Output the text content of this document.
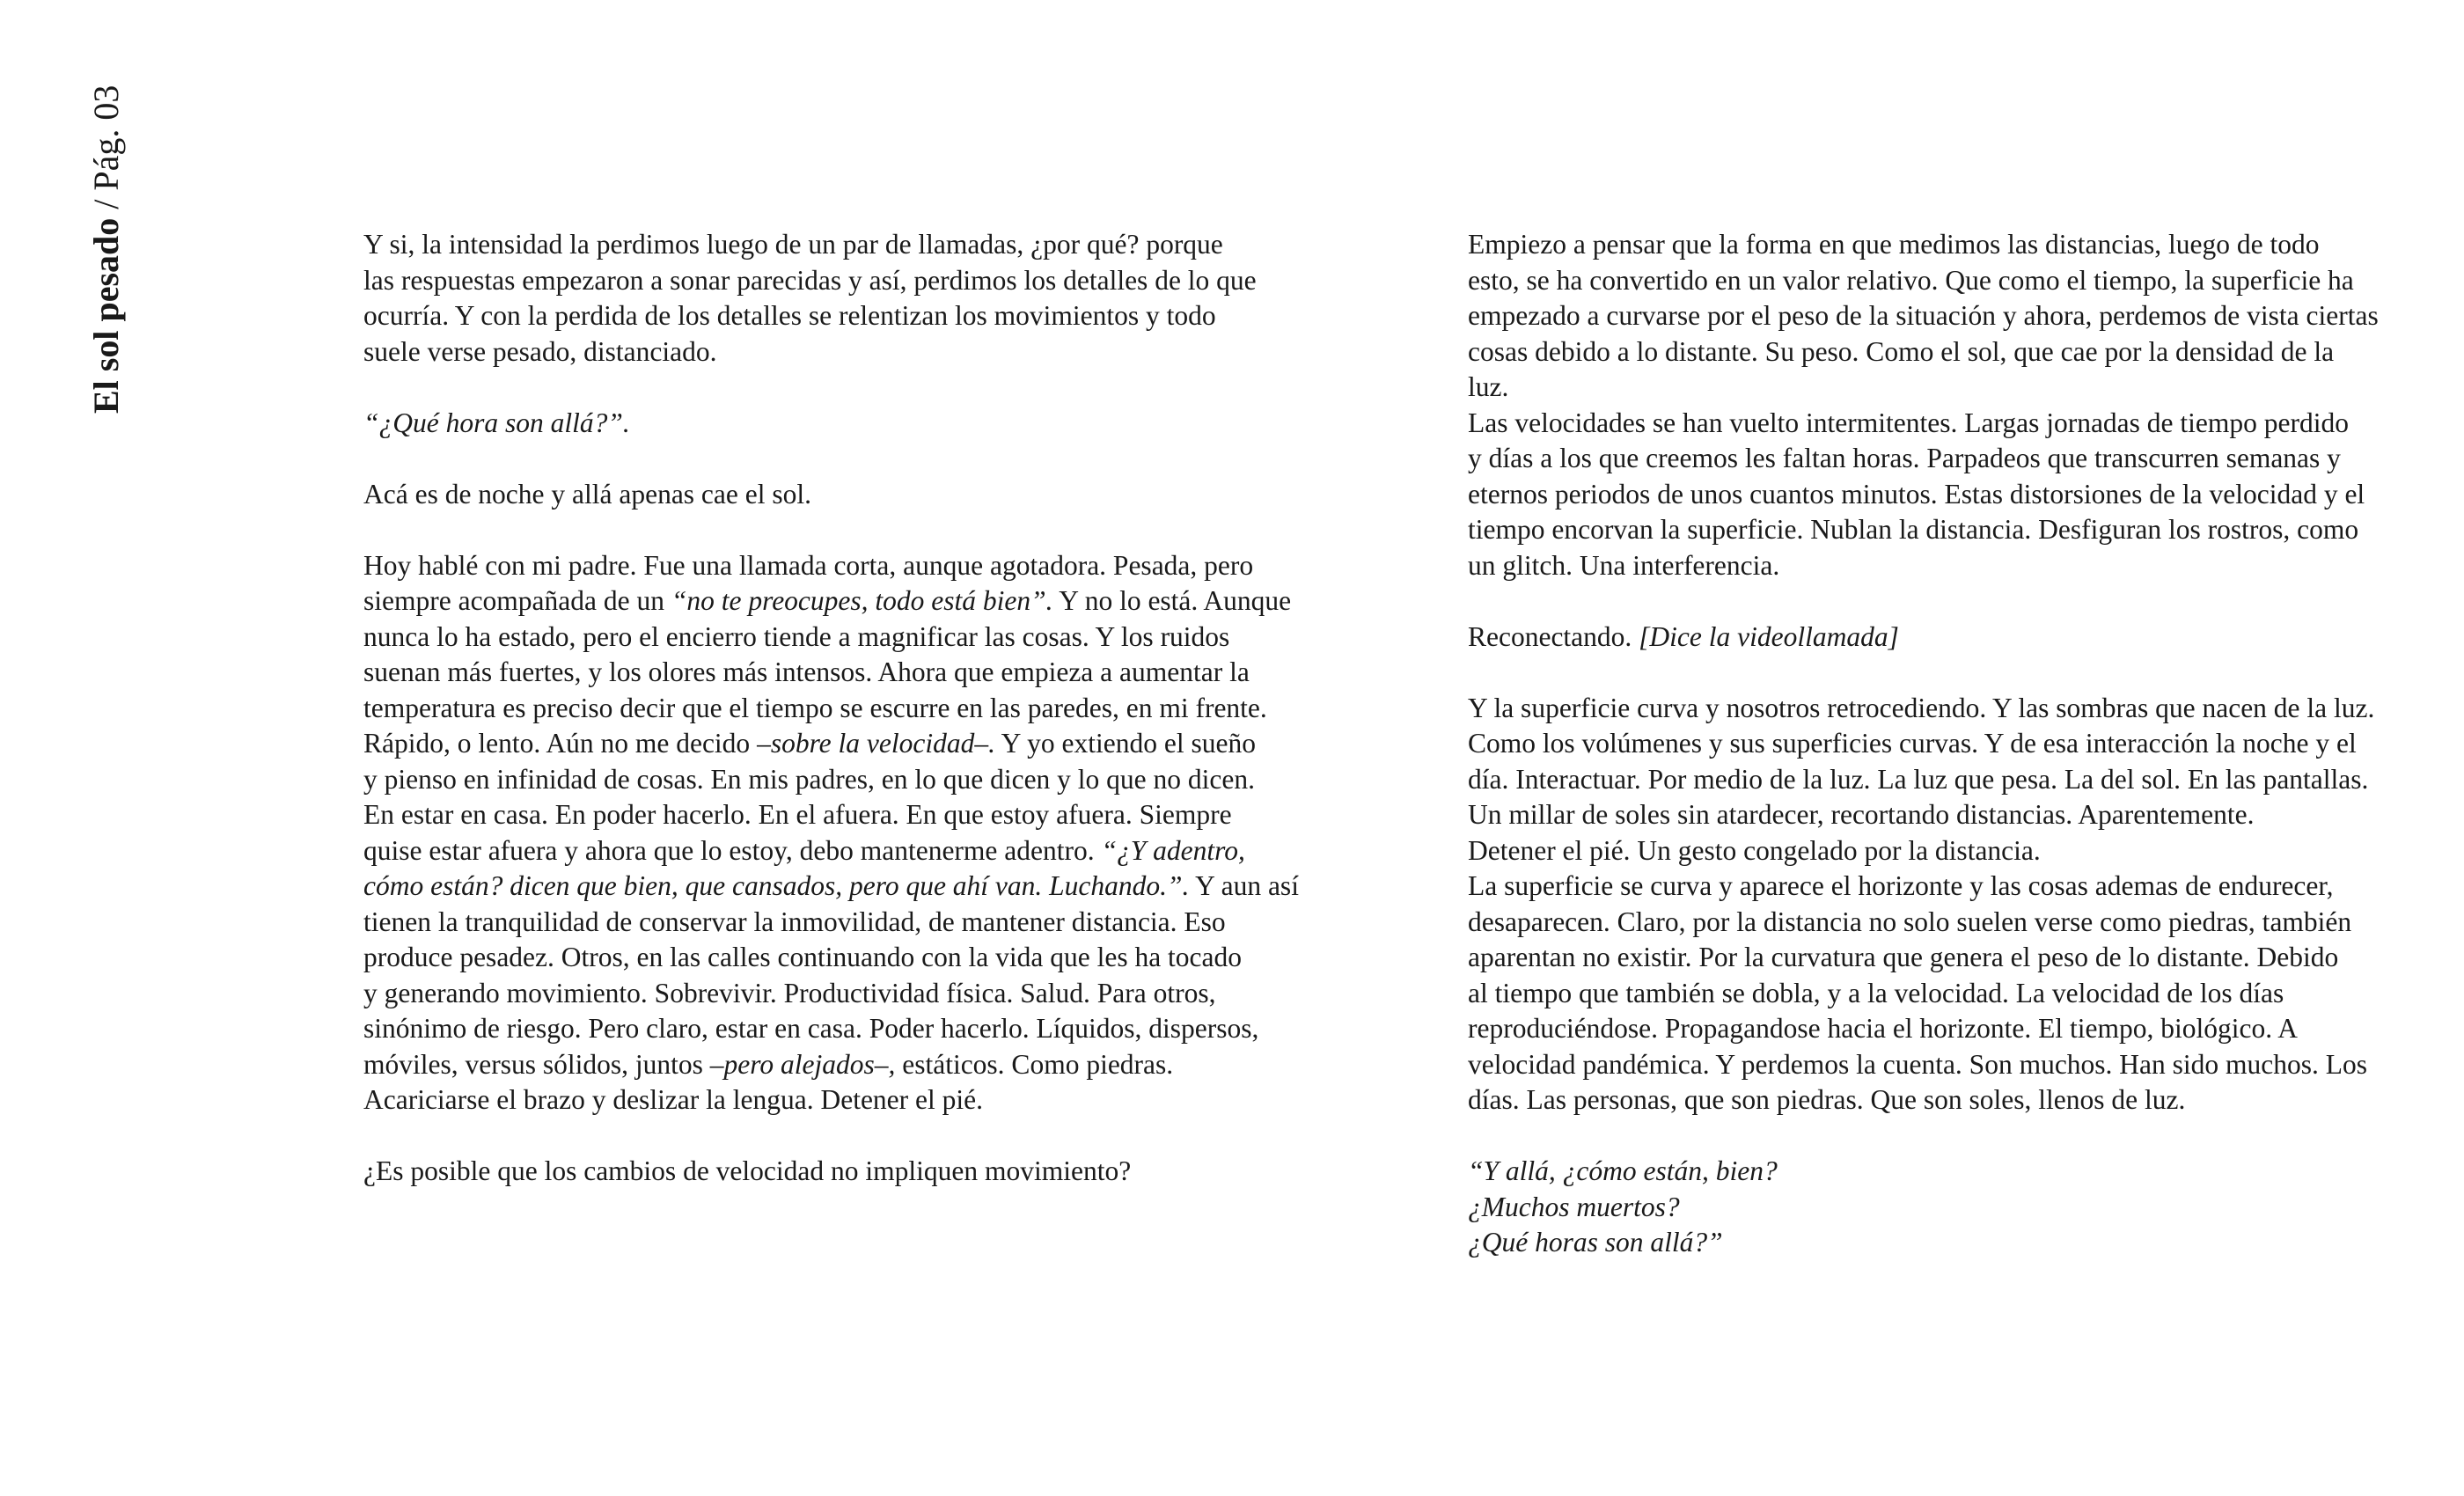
El sol pesado / Pág. 03
Y si, la intensidad la perdimos luego de un par de llamadas, ¿por qué? porque
las respuestas empezaron a sonar parecidas y así, perdimos los detalles de lo que
ocurría. Y con la perdida de los detalles se relentizan los movimientos y todo
suele verse pesado, distanciado.
“¿Qué hora son allá?”.
Acá es de noche y allá apenas cae el sol.
Hoy hablé con mi padre. Fue una llamada corta, aunque agotadora. Pesada, pero
siempre acompañada de un “no te preocupes, todo está bien”. Y no lo está. Aunque
nunca lo ha estado, pero el encierro tiende a magnificar las cosas. Y los ruidos
suenan más fuertes, y los olores más intensos. Ahora que empieza a aumentar la
temperatura es preciso decir que el tiempo se escurre en las paredes, en mi frente.
Rápido, o lento. Aún no me decido –sobre la velocidad–. Y yo extiendo el sueño
y pienso en infinidad de cosas. En mis padres, en lo que dicen y lo que no dicen.
En estar en casa. En poder hacerlo. En el afuera. En que estoy afuera. Siempre
quise estar afuera y ahora que lo estoy, debo mantenerme adentro. “¿Y adentro,
cómo están? dicen que bien, que cansados, pero que ahí van. Luchando.”. Y aun así
tienen la tranquilidad de conservar la inmovilidad, de mantener distancia. Eso
produce pesadez. Otros, en las calles continuando con la vida que les ha tocado
y generando movimiento. Sobrevivir. Productividad física. Salud. Para otros,
sinónimo de riesgo. Pero claro, estar en casa. Poder hacerlo. Líquidos, dispersos,
móviles, versus sólidos, juntos –pero alejados–, estáticos. Como piedras.
Acariciarse el brazo y deslizar la lengua. Detener el pié.
¿Es posible que los cambios de velocidad no impliquen movimiento?
Empiezo a pensar que la forma en que medimos las distancias, luego de todo
esto, se ha convertido en un valor relativo. Que como el tiempo, la superficie ha
empezado a curvarse por el peso de la situación y ahora, perdemos de vista ciertas
cosas debido a lo distante. Su peso. Como el sol, que cae por la densidad de la
luz.
Las velocidades se han vuelto intermitentes. Largas jornadas de tiempo perdido
y días a los que creemos les faltan horas. Parpadeos que transcurren semanas y
eternos periodos de unos cuantos minutos. Estas distorsiones de la velocidad y el
tiempo encorvan la superficie. Nublan la distancia. Desfiguran los rostros, como
un glitch. Una interferencia.
Reconectando. [Dice la videollamada]
Y la superficie curva y nosotros retrocediendo. Y las sombras que nacen de la luz.
Como los volúmenes y sus superficies curvas. Y de esa interacción la noche y el
día. Interactuar. Por medio de la luz. La luz que pesa. La del sol. En las pantallas.
Un millar de soles sin atardecer, recortando distancias. Aparentemente.
Detener el pié. Un gesto congelado por la distancia.
La superficie se curva y aparece el horizonte y las cosas ademas de endurecer,
desaparecen. Claro, por la distancia no solo suelen verse como piedras, también
aparentan no existir. Por la curvatura que genera el peso de lo distante. Debido
al tiempo que también se dobla, y a la velocidad. La velocidad de los días
reproduciéndose. Propagandose hacia el horizonte. El tiempo, biológico. A
velocidad pandémica. Y perdemos la cuenta. Son muchos. Han sido muchos. Los
días. Las personas, que son piedras. Que son soles, llenos de luz.
“Y allá, ¿cómo están, bien?
¿Muchos muertos?
¿Qué horas son allá?”
